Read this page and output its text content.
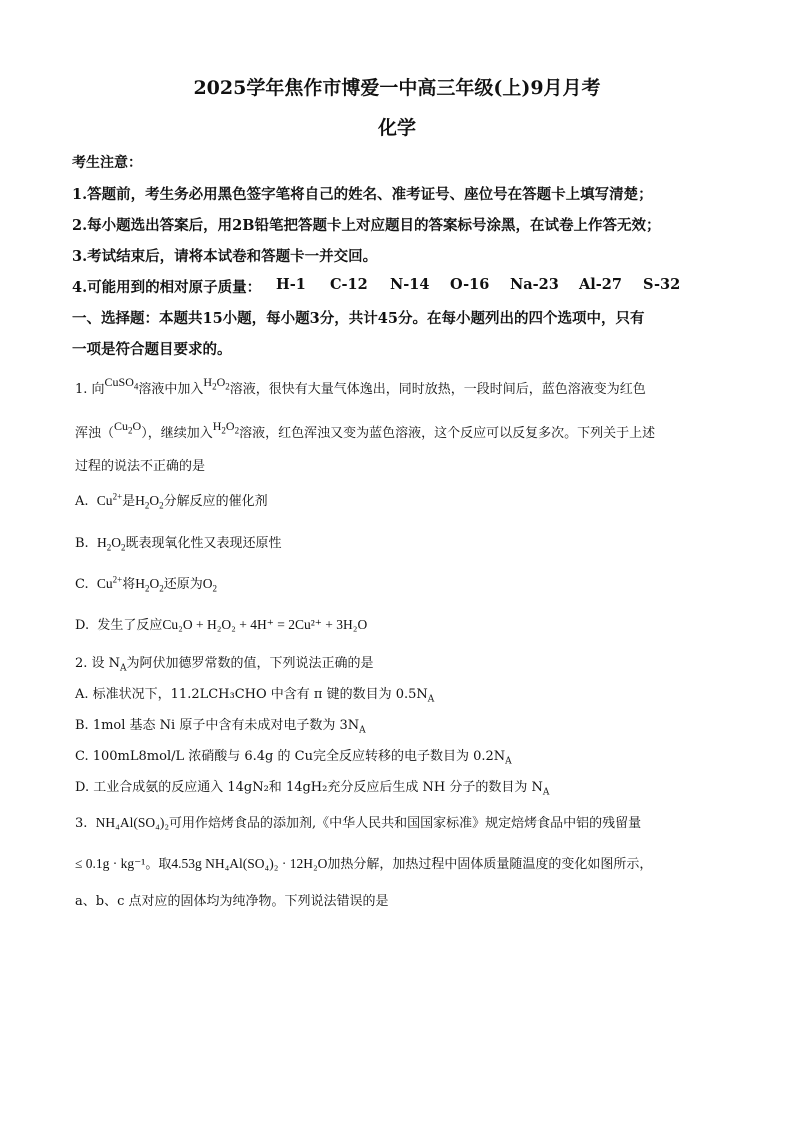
2025学年焦作市博爱一中高三年级(上)9月月考
化学
考生注意：
1.答题前，考生务必用黑色签字笔将自己的姓名、准考证号、座位号在答题卡上填写清楚；
2.每小题选出答案后，用2B铅笔把答题卡上对应题目的答案标号涂黑，在试卷上作答无效；
3.考试结束后，请将本试卷和答题卡一并交回。
4.可能用到的相对原子质量： H-1 C-12 N-14 O-16 Na-23 Al-27 S-32
一、选择题：本题共15小题，每小题3分，共计45分。在每小题列出的四个选项中，只有
一项是符合题目要求的。
1. 向CuSO$_4$溶液中加入$H_2O_2$溶液，很快有大量气体逸出，同时放热，一段时间后，蓝色溶液变为红色
浑浊$(Cu_2O)$，继续加入$H_2O_2$溶液，红色浑浊又变为蓝色溶液，这个反应可以反复多次。下列关于上述
过程的说法不正确的是
A. $Cu^{2+}$是$H_2O_2$分解反应的催化剂
B. $H_2O_2$既表现氧化性又表现还原性
C. $Cu^{2+}$将$H_2O_2$还原为$O_2$
D. 发生了反应Cu₂O + H₂O₂ + 4H⁺ = 2Cu²⁺ + 3H₂O
2. 设 $N_A$为阿伏加德罗常数的值，下列说法正确的是
A. 标准状况下，11.2LCH₃CHO 中含有 π 键的数目为 $0.5N_A$
B. 1mol 基态 Ni 原子中含有未成对电子数为 $3N_A$
C. 100mL8mol/L 浓硝酸与 6.4g 的 Cu完全反应转移的电子数目为 $0.2N_A$
D. 工业合成氨的反应通入 14gN₂和 14gH₂充分反应后生成 NH 分子的数目为 $N_A$
3. NH₄Al(SO₄)₂可用作焙烤食品的添加剂,《中华人民共和国国家标准》规定焙烤食品中铝的残留量
≤ 0.1g · kg⁻¹。取4.53g NH₄Al(SO₄)₂ · 12H₂O加热分解，加热过程中固体质量随温度的变化如图所示，
a、b、c 点对应的固体均为纯净物。下列说法错误的是
